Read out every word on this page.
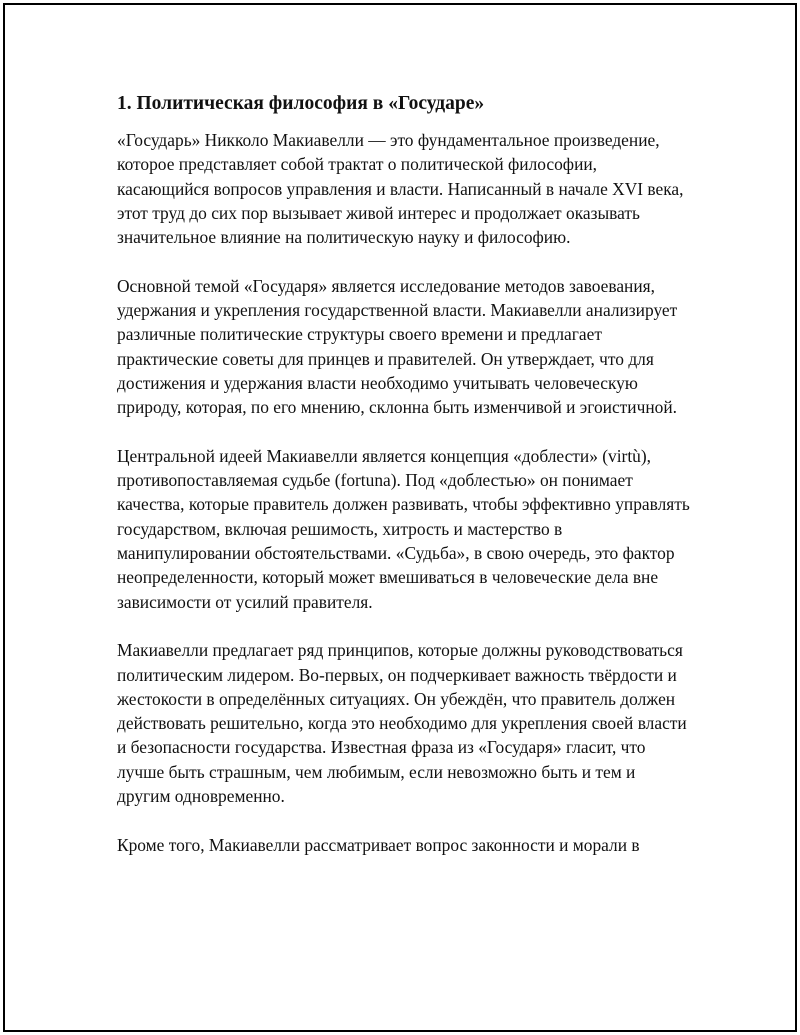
1. Политическая философия в «Государе»

«Государь» Никколо Макиавелли — это фундаментальное произведение, которое представляет собой трактат о политической философии, касающийся вопросов управления и власти. Написанный в начале XVI века, этот труд до сих пор вызывает живой интерес и продолжает оказывать значительное влияние на политическую науку и философию.

Основной темой «Государя» является исследование методов завоевания, удержания и укрепления государственной власти. Макиавелли анализирует различные политические структуры своего времени и предлагает практические советы для принцев и правителей. Он утверждает, что для достижения и удержания власти необходимо учитывать человеческую природу, которая, по его мнению, склонна быть изменчивой и эгоистичной.

Центральной идеей Макиавелли является концепция «доблести» (virtù), противопоставляемая судьбе (fortuna). Под «доблестью» он понимает качества, которые правитель должен развивать, чтобы эффективно управлять государством, включая решимость, хитрость и мастерство в манипулировании обстоятельствами. «Судьба», в свою очередь, это фактор неопределенности, который может вмешиваться в человеческие дела вне зависимости от усилий правителя.

Макиавелли предлагает ряд принципов, которые должны руководствоваться политическим лидером. Во-первых, он подчеркивает важность твёрдости и жестокости в определённых ситуациях. Он убеждён, что правитель должен действовать решительно, когда это необходимо для укрепления своей власти и безопасности государства. Известная фраза из «Государя» гласит, что лучше быть страшным, чем любимым, если невозможно быть и тем и другим одновременно.

Кроме того, Макиавелли рассматривает вопрос законности и морали в
